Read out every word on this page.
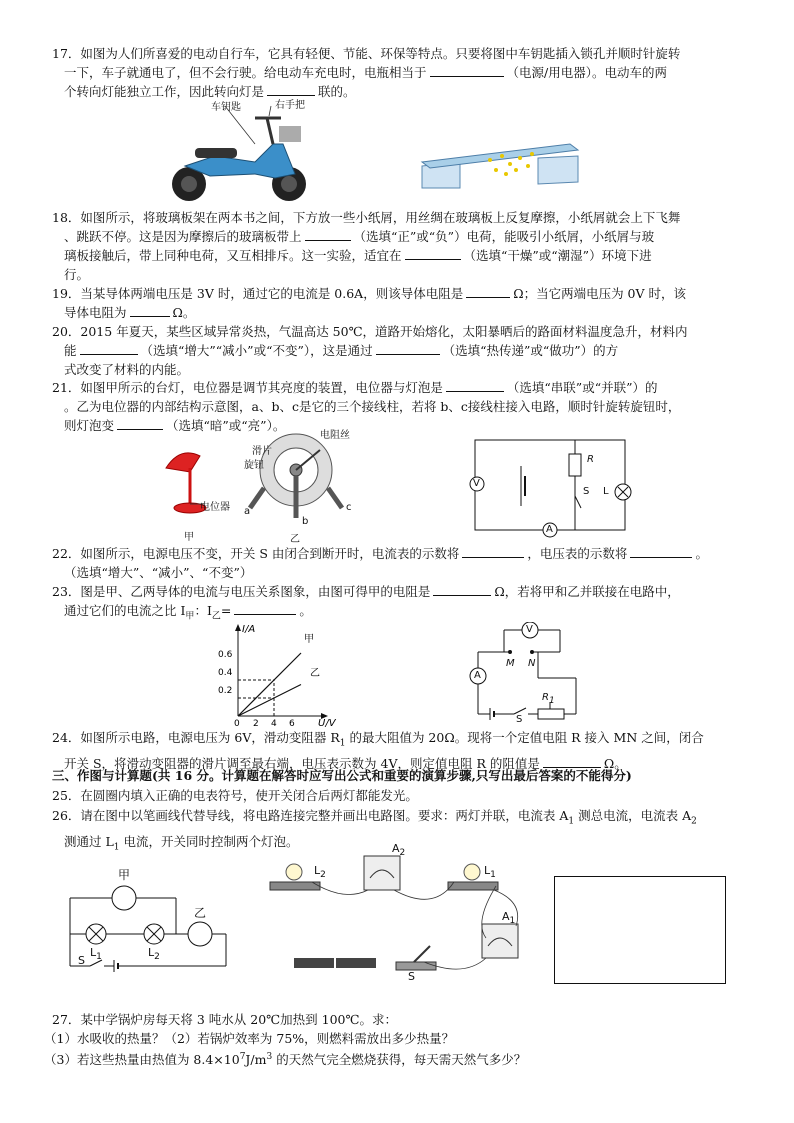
17．如图为人们所喜爱的电动自行车，它具有轻便、节能、环保等特点。只要将图中车钥匙插入锁孔并顺时针旋转
一下，车子就通电了，但不会行驶。给电动车充电时，电瓶相当于	（电源/用电器）。电动车的两
个转向灯能独立工作，因此转向灯是	联的。
车钥匙	右手把
18．如图所示，将玻璃板架在两本书之间，下方放一些小纸屑，用丝绸在玻璃板上反复摩擦，小纸屑就会上下飞舞
、跳跃不停。这是因为摩擦后的玻璃板带上	（选填“正”或“负”）电荷，能吸引小纸屑，小纸屑与玻
璃板接触后，带上同种电荷，又互相排斥。这一实验，适宜在	（选填“干燥”或“潮湿”）环境下进
行。
19．当某导体两端电压是 3V 时，通过它的电流是 0.6A，则该导体电阻是	Ω；当它两端电压为 0V 时，该
导体电阻为	Ω。
20．2015 年夏天，某些区域异常炎热，气温高达 50℃，道路开始熔化，太阳暴晒后的路面材料温度急升，材料内
能	（选填“增大”“减小”或“不变”），这是通过	（选填“热传递”或“做功”）的方
式改变了材料的内能。
21．如图甲所示的台灯，电位器是调节其亮度的装置，电位器与灯泡是	（选填“串联”或“并联”）的
。乙为电位器的内部结构示意图，a、b、c是它的三个接线柱，若将 b、c接线柱接入电路，顺时针旋转旋钮时，
则灯泡变	（选填“暗”或“亮”）。
电阻丝
滑片
旋钮
电位器 a
b
c
甲	乙
V
A
R
S L
22．如图所示，电源电压不变，开关 S 由闭合到断开时，电流表的示数将	，电压表的示数将	。
（选填“增大”、“减小”、“不变”）
23．图是甲、乙两导体的电流与电压关系图象，由图可得甲的电阻是	Ω，若将甲和乙并联接在电路中，
通过它们的电流之比 $I_甲$：$I_乙=$	。
I/A
U/V
0.6
0.4
0.2
0 2 4 6
甲
乙
V
A
M N
$R_1$
S
24．如图所示电路，电源电压为 6V，滑动变阻器 $R_1$ 的最大阻值为 20Ω。现将一个定值电阻 R 接入 MN 之间，闭合
开关 S，将滑动变阻器的滑片调至最右端，电压表示数为 4V，则定值电阻 R 的阻值是	Ω。
三、作图与计算题(共 16 分。计算题在解答时应写出公式和重要的演算步骤,只写出最后答案的不能得分)
25．在圆圈内填入正确的电表符号，使开关闭合后两灯都能发光。
26．请在图中以笔画线代替导线，将电路连接完整并画出电路图。要求：两灯并联，电流表 $A_1$ 测总电流，电流表 $A_2$
测通过 $L_1$ 电流，开关同时控制两个灯泡。
甲
乙
$L_1$	$L_2$
S
$L_2$
$A_2$
$L_1$
$A_1$
S
27．某中学锅炉房每天将 3 吨水从 20℃加热到 100℃。求：
（1）水吸收的热量？（2）若锅炉效率为 75%，则燃料需放出多少热量？
（3）若这些热量由热值为 $8.4\times 10^7J/m^3$ 的天然气完全燃烧获得，每天需天然气多少？
